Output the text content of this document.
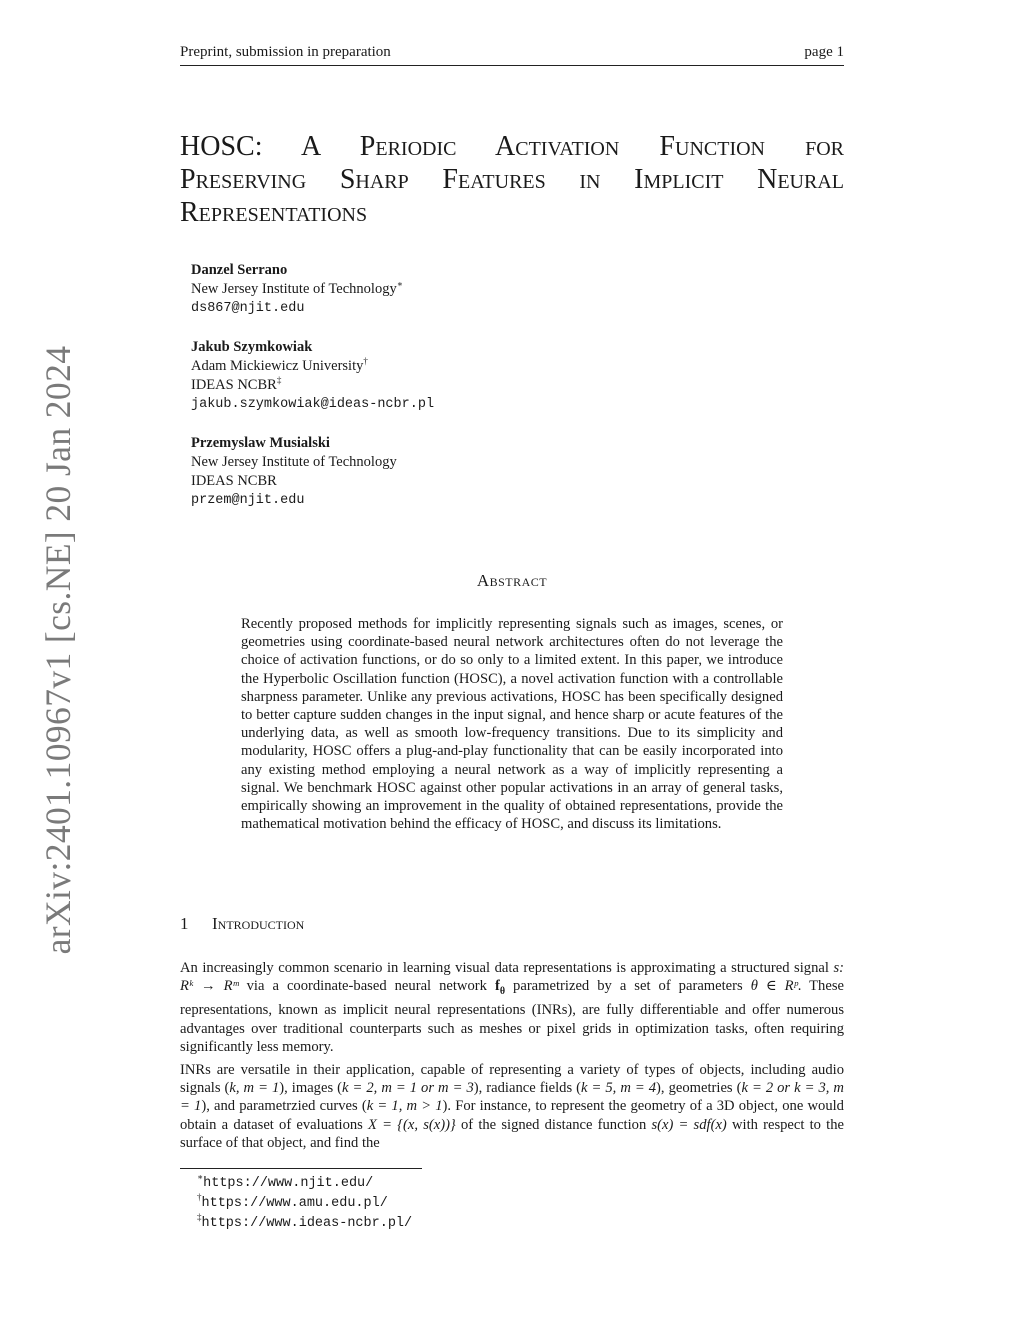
Preprint, submission in preparation	page 1
arXiv:2401.10967v1 [cs.NE] 20 Jan 2024
HOSC: A Periodic Activation Function for
Preserving Sharp Features in Implicit Neural
Representations
Danzel Serrano
New Jersey Institute of Technology∗
ds867@njit.edu
Jakub Szymkowiak
Adam Mickiewicz University†
IDEAS NCBR‡
jakub.szymkowiak@ideas-ncbr.pl
Przemyslaw Musialski
New Jersey Institute of Technology
IDEAS NCBR
przem@njit.edu
Abstract

Recently proposed methods for implicitly representing signals such as images, scenes, or geometries using coordinate-based neural network architectures often do not leverage the choice of activation functions, or do so only to a limited extent. In this paper, we introduce the Hyperbolic Oscillation function (HOSC), a novel activation function with a controllable sharpness parameter. Unlike any previous activations, HOSC has been specifically designed to better capture sudden changes in the input signal, and hence sharp or acute features of the underlying data, as well as smooth low-frequency transitions. Due to its simplicity and modularity, HOSC offers a plug-and-play functionality that can be easily incorporated into any existing method employing a neural network as a way of implicitly representing a signal. We benchmark HOSC against other popular activations in an array of general tasks, empirically showing an improvement in the quality of obtained representations, provide the mathematical motivation behind the efficacy of HOSC, and discuss its limitations.

1 Introduction

An increasingly common scenario in learning visual data representations is approximating a structured signal s: Rᵏ → Rᵐ via a coordinate-based neural network $f_\theta$ parametrized by a set of parameters θ ∈ Rᵖ. These representations, known as implicit neural representations (INRs), are fully differentiable and offer numerous advantages over traditional counterparts such as meshes or pixel grids in optimization tasks, often requiring significantly less memory.

INRs are versatile in their application, capable of representing a variety of types of objects, including audio signals (k, m = 1), images (k = 2, m = 1 or m = 3), radiance fields (k = 5, m = 4), geometries (k = 2 or k = 3, m = 1), and parametrzied curves (k = 1, m > 1). For instance, to represent the geometry of a 3D object, one would obtain a dataset of evaluations X = {(x, s(x))} of the signed distance function s(x) = sdf(x) with respect to the surface of that object, and find the

∗https://www.njit.edu/
†https://www.amu.edu.pl/
‡https://www.ideas-ncbr.pl/
